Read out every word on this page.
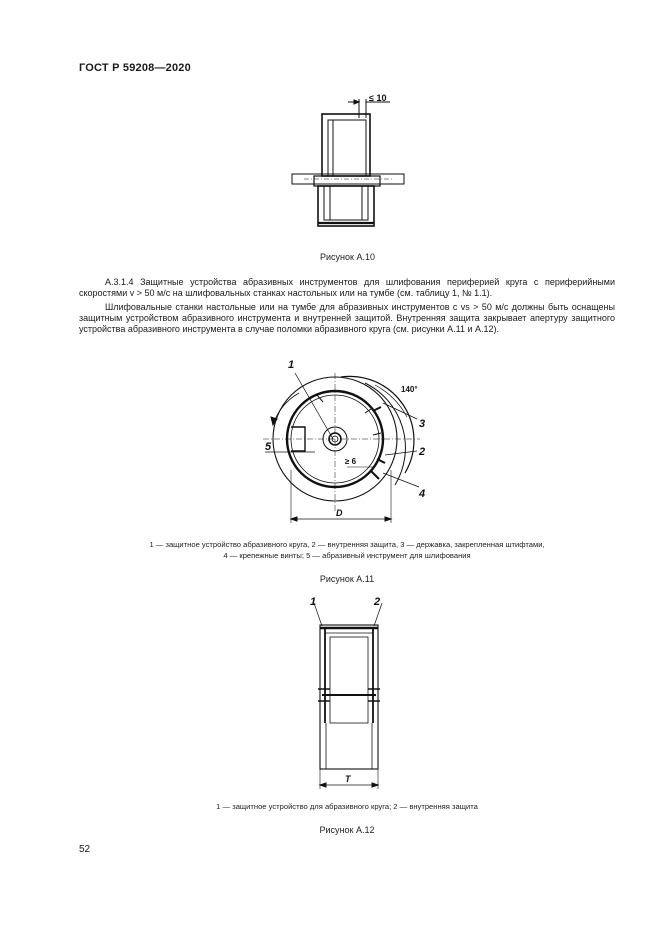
ГОСТ Р 59208—2020
≤ 10
Рисунок А.10
А.3.1.4 Защитные устройства абразивных инструментов для шлифования периферией круга с периферийными скоростями v > 50 м/с на шлифовальных станках настольных или на тумбе (см. таблицу 1, № 1.1).
Шлифовальные станки настольные или на тумбе для абразивных инструментов с vs > 50 м/с должны быть оснащены защитным устройством абразивного инструмента и внутренней защитой. Внутренняя защита закрывает апертуру защитного устройства абразивного инструмента в случае поломки абразивного круга (см. рисунки А.11 и А.12).
1
2
3
4
5
140°
≥ 6
D
1 — защитное устройство абразивного круга, 2 — внутренняя защита, 3 — державка, закрепленная штифтами,
4 — крепежные винты; 5 — абразивный инструмент для шлифования
Рисунок А.11
1	2
T
1 — защитное устройство для абразивного круга; 2 — внутренняя защита
Рисунок А.12
52
